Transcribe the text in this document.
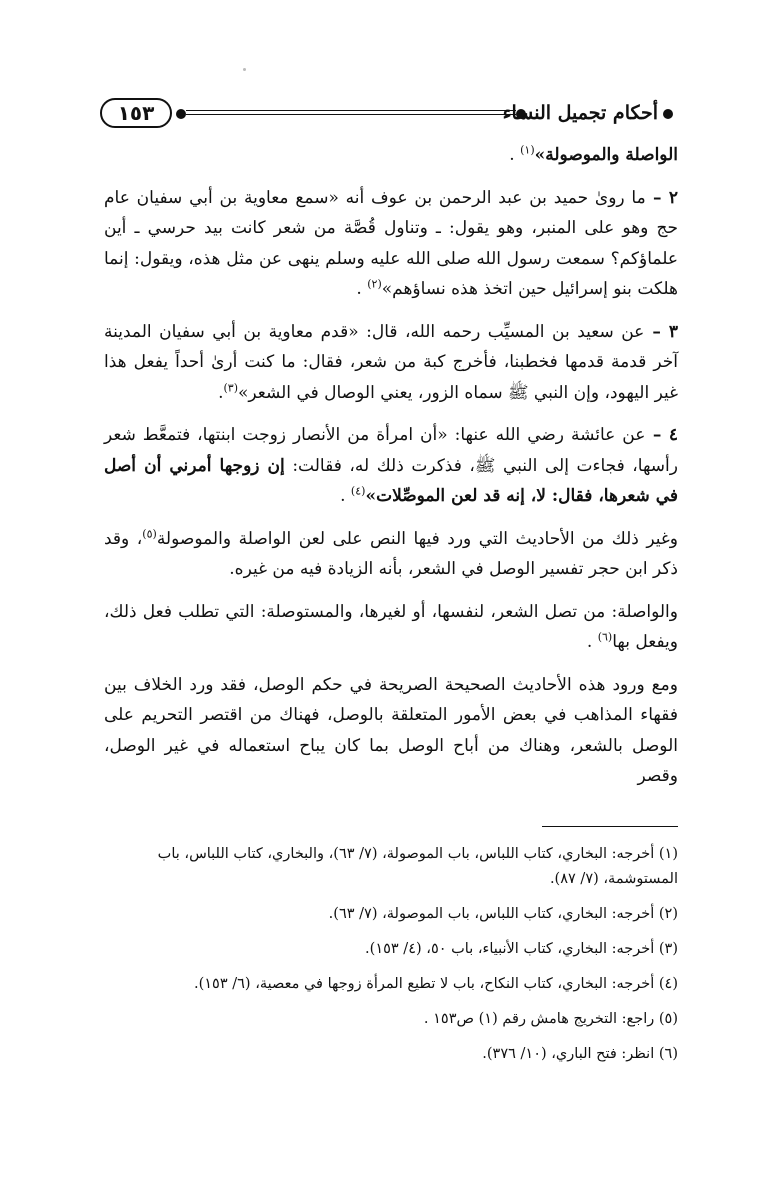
١٥٣	أحكام تجميل النساء

الواصلة والموصولة»$^{(١)}$ .

٢ – ما روىٰ حميد بن عبد الرحمن بن عوف أنه «سمع معاوية بن أبي سفيان عام حج وهو على المنبر، وهو يقول: ـ وتناول قُصَّة من شعر كانت بيد حرسي ـ أين علماؤكم؟ سمعت رسول الله صلى الله عليه وسلم ينهى عن مثل هذه، ويقول: إنما هلكت بنو إسرائيل حين اتخذ هذه نساؤهم»$^{(٢)}$ .

٣ – عن سعيد بن المسيِّب رحمه الله، قال: «قدم معاوية بن أبي سفيان المدينة آخر قدمة قدمها فخطبنا، فأخرج كبة من شعر، فقال: ما كنت أرىٰ أحداً يفعل هذا غير اليهود، وإن النبي ﷺ سماه الزور، يعني الوصال في الشعر»$^{(٣)}$.

٤ – عن عائشة رضي الله عنها: «أن امرأة من الأنصار زوجت ابنتها، فتمعَّط شعر رأسها، فجاءت إلى النبي ﷺ، فذكرت ذلك له، فقالت: إن زوجها أمرني أن أصل في شعرها، فقال: لا، إنه قد لعن الموصِّلات»$^{(٤)}$ .

وغير ذلك من الأحاديث التي ورد فيها النص على لعن الواصلة والموصولة$^{(٥)}$، وقد ذكر ابن حجر تفسير الوصل في الشعر، بأنه الزيادة فيه من غيره.

والواصلة: من تصل الشعر، لنفسها، أو لغيرها، والمستوصلة: التي تطلب فعل ذلك، ويفعل بها$^{(٦)}$ .

ومع ورود هذه الأحاديث الصحيحة الصريحة في حكم الوصل، فقد ورد الخلاف بين فقهاء المذاهب في بعض الأمور المتعلقة بالوصل، فهناك من اقتصر التحريم على الوصل بالشعر، وهناك من أباح الوصل بما كان يباح استعماله في غير الوصل، وقصر

(١) أخرجه: البخاري، كتاب اللباس، باب الموصولة، (٧/ ٦٣)، والبخاري، كتاب اللباس، باب المستوشمة، (٧/ ٨٧).

(٢) أخرجه: البخاري، كتاب اللباس، باب الموصولة، (٧/ ٦٣).

(٣) أخرجه: البخاري، كتاب الأنبياء، باب ٥٠، (٤/ ١٥٣).

(٤) أخرجه: البخاري، كتاب النكاح، باب لا تطيع المرأة زوجها في معصية، (٦/ ١٥٣).

(٥) راجع: التخريج هامش رقم (١) ص١٥٣ .

(٦) انظر: فتح الباري، (١٠/ ٣٧٦).
